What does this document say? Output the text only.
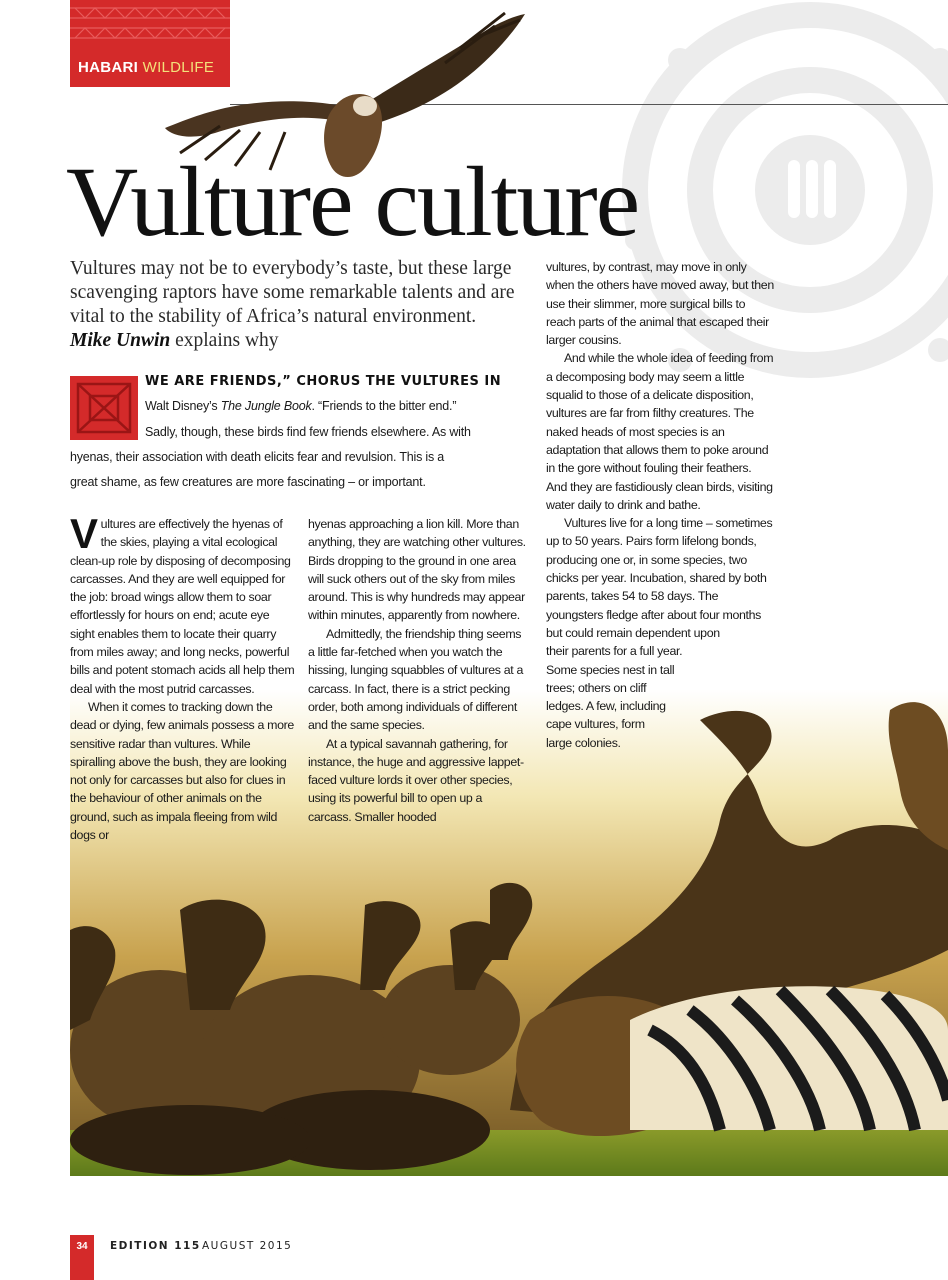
HABARI WILDLIFE
Vulture culture

Vultures may not be to everybody’s taste, but these large scavenging raptors have some remarkable talents and are vital to the stability of Africa’s natural environment. Mike Unwin explains why

WE ARE FRIENDS,” CHORUS THE VULTURES IN
Walt Disney’s The Jungle Book. “Friends to the bitter end.”
Sadly, though, these birds find few friends elsewhere. As with
hyenas, their association with death elicits fear and revulsion. This is a
great shame, as few creatures are more fascinating – or important.

Vultures are effectively the hyenas of the skies, playing a vital ecological clean-up role by disposing of decomposing carcasses. And they are well equipped for the job: broad wings allow them to soar effortlessly for hours on end; acute eye sight enables them to locate their quarry from miles away; and long necks, powerful bills and potent stomach acids all help them deal with the most putrid carcasses.

When it comes to tracking down the dead or dying, few animals possess a more sensitive radar than vultures. While spiralling above the bush, they are looking not only for carcasses but also for clues in the behaviour of other animals on the ground, such as impala fleeing from wild dogs or

hyenas approaching a lion kill. More than anything, they are watching other vultures. Birds dropping to the ground in one area will suck others out of the sky from miles around. This is why hundreds may appear within minutes, apparently from nowhere.

Admittedly, the friendship thing seems a little far-fetched when you watch the hissing, lunging squabbles of vultures at a carcass. In fact, there is a strict pecking order, both among individuals of different and the same species.

At a typical savannah gathering, for instance, the huge and aggressive lappet-faced vulture lords it over other species, using its powerful bill to open up a carcass. Smaller hooded

vultures, by contrast, may move in only when the others have moved away, but then use their slimmer, more surgical bills to reach parts of the animal that escaped their larger cousins.

And while the whole idea of feeding from a decomposing body may seem a little squalid to those of a delicate disposition, vultures are far from filthy creatures. The naked heads of most species is an adaptation that allows them to poke around in the gore without fouling their feathers. And they are fastidiously clean birds, visiting water daily to drink and bathe.

Vultures live for a long time – sometimes up to 50 years. Pairs form lifelong bonds, producing one or, in some species, two chicks per year. Incubation, shared by both parents, takes 54 to 58 days. The youngsters fledge after about four months but could remain dependent upon

their parents for a full year.
Some species nest in tall
trees; others on cliff
ledges. A few, including
cape vultures, form
large colonies.
34	EDITION 115 AUGUST 2015
